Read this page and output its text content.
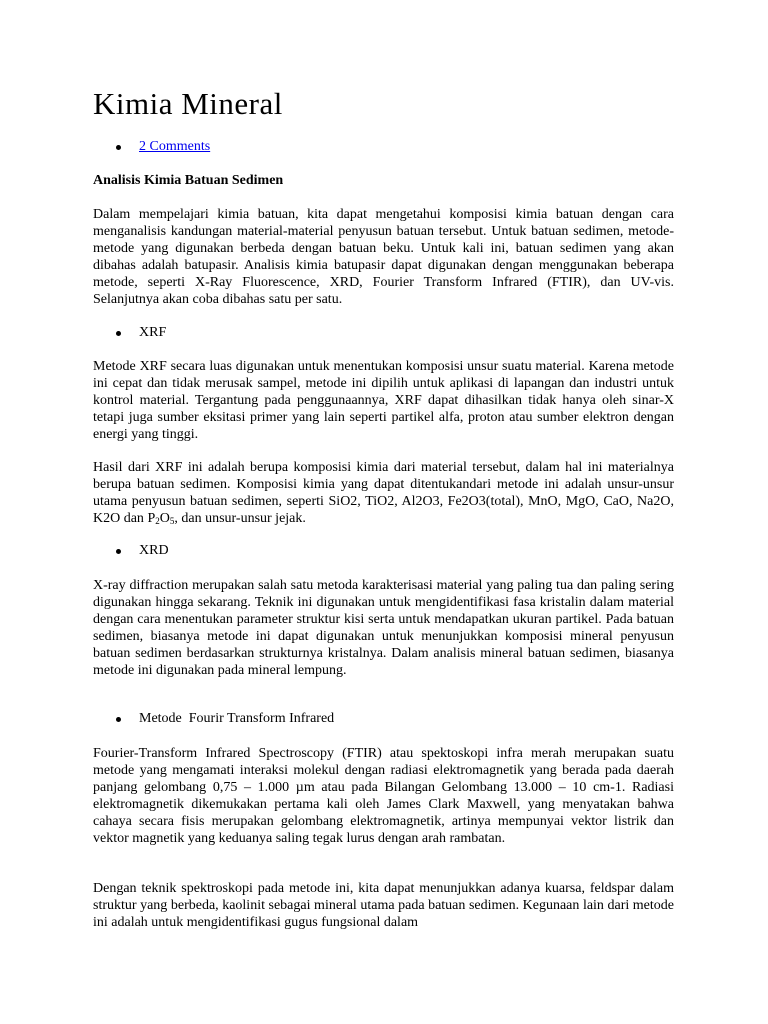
Kimia Mineral
2 Comments
Analisis Kimia Batuan Sedimen

Dalam mempelajari kimia batuan, kita dapat mengetahui komposisi kimia batuan dengan cara menganalisis kandungan material-material penyusun batuan tersebut. Untuk batuan sedimen, metode-metode yang digunakan berbeda dengan batuan beku. Untuk kali ini, batuan sedimen yang akan dibahas adalah batupasir. Analisis kimia batupasir dapat digunakan dengan menggunakan beberapa metode, seperti X-Ray Fluorescence, XRD, Fourier Transform Infrared (FTIR), dan UV-vis. Selanjutnya akan coba dibahas satu per satu.

XRF

Metode XRF secara luas digunakan untuk menentukan komposisi unsur suatu material. Karena metode ini cepat dan tidak merusak sampel, metode ini dipilih untuk aplikasi di lapangan dan industri untuk kontrol material. Tergantung pada penggunaannya, XRF dapat dihasilkan tidak hanya oleh sinar-X tetapi juga sumber eksitasi primer yang lain seperti partikel alfa, proton atau sumber elektron dengan energi yang tinggi.

Hasil dari XRF ini adalah berupa komposisi kimia dari material tersebut, dalam hal ini materialnya berupa batuan sedimen. Komposisi kimia yang dapat ditentukandari metode ini adalah unsur-unsur utama penyusun batuan sedimen, seperti SiO2, TiO2, Al2O3, Fe2O3(total), MnO, MgO, CaO, Na2O, K2O dan $P_2O_5$, dan unsur-unsur jejak.

XRD

X-ray diffraction merupakan salah satu metoda karakterisasi material yang paling tua dan paling sering digunakan hingga sekarang. Teknik ini digunakan untuk mengidentifikasi fasa kristalin dalam material dengan cara menentukan parameter struktur kisi serta untuk mendapatkan ukuran partikel. Pada batuan sedimen, biasanya metode ini dapat digunakan untuk menunjukkan komposisi mineral penyusun batuan sedimen berdasarkan strukturnya kristalnya. Dalam analisis mineral batuan sedimen, biasanya metode ini digunakan pada mineral lempung.

Metode  Fourir Transform Infrared

Fourier-Transform Infrared Spectroscopy (FTIR) atau spektoskopi infra merah merupakan suatu metode yang mengamati interaksi molekul dengan radiasi elektromagnetik yang berada pada daerah panjang gelombang 0,75 – 1.000 µm atau pada Bilangan Gelombang 13.000 – 10 cm-1. Radiasi elektromagnetik dikemukakan pertama kali oleh James Clark Maxwell, yang menyatakan bahwa cahaya secara fisis merupakan gelombang elektromagnetik, artinya mempunyai vektor listrik dan vektor magnetik yang keduanya saling tegak lurus dengan arah rambatan.

Dengan teknik spektroskopi pada metode ini, kita dapat menunjukkan adanya kuarsa, feldspar dalam struktur yang berbeda, kaolinit sebagai mineral utama pada batuan sedimen. Kegunaan lain dari metode ini adalah untuk mengidentifikasi gugus fungsional dalam
